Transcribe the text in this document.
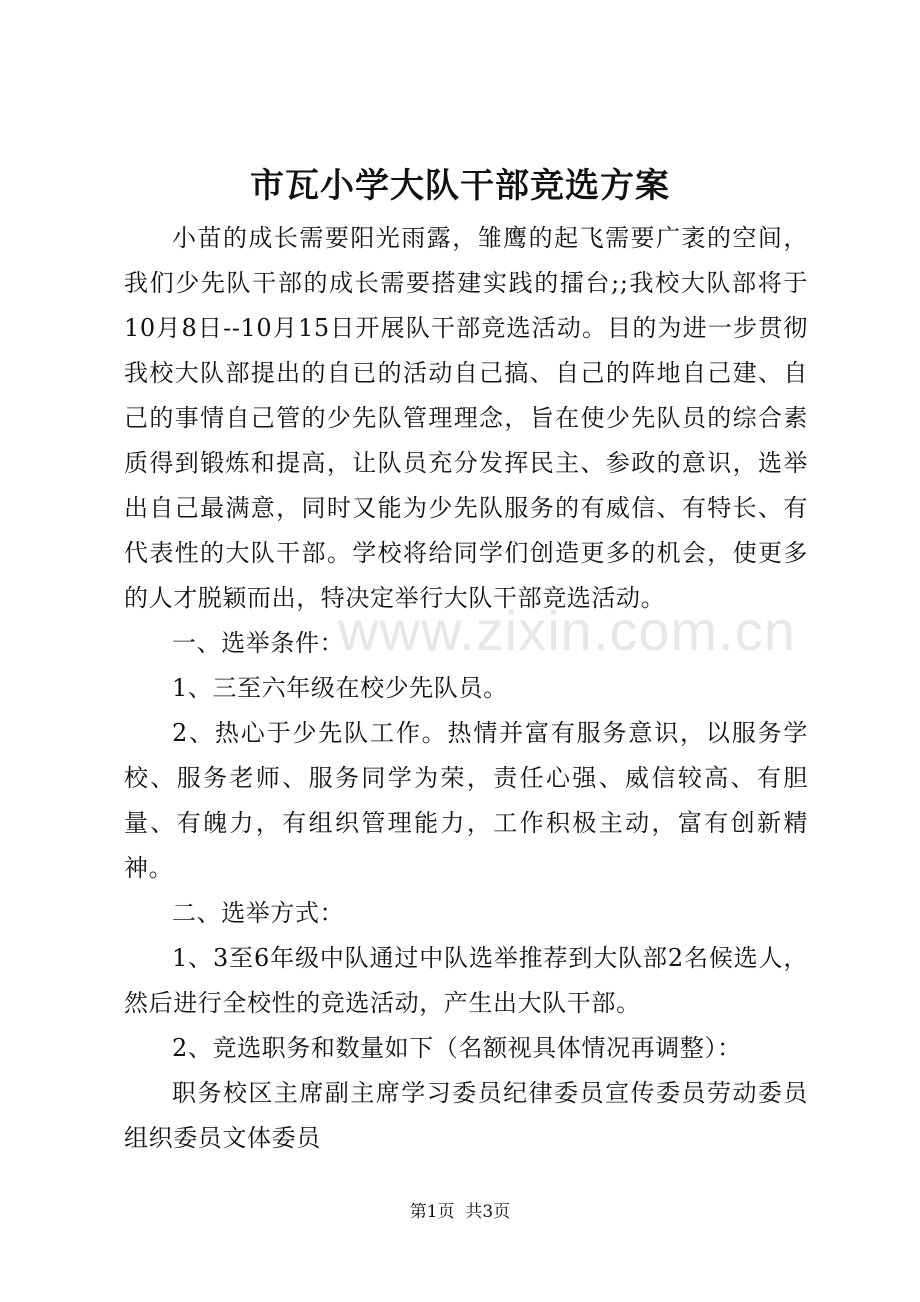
市瓦小学大队干部竞选方案

小苗的成长需要阳光雨露，雏鹰的起飞需要广袤的空间，我们少先队干部的成长需要搭建实践的擂台;;我校大队部将于10月8日--10月15日开展队干部竞选活动。目的为进一步贯彻我校大队部提出的自已的活动自己搞、自己的阵地自己建、自己的事情自己管的少先队管理理念，旨在使少先队员的综合素质得到锻炼和提高，让队员充分发挥民主、参政的意识，选举出自己最满意，同时又能为少先队服务的有威信、有特长、有代表性的大队干部。学校将给同学们创造更多的机会，使更多的人才脱颖而出，特决定举行大队干部竞选活动。

一、选举条件：

1、三至六年级在校少先队员。

2、热心于少先队工作。热情并富有服务意识，以服务学校、服务老师、服务同学为荣，责任心强、威信较高、有胆量、有魄力，有组织管理能力，工作积极主动，富有创新精神。

二、选举方式：

1、3至6年级中队通过中队选举推荐到大队部2名候选人，然后进行全校性的竞选活动，产生出大队干部。

2、竞选职务和数量如下（名额视具体情况再调整）：

职务校区主席副主席学习委员纪律委员宣传委员劳动委员组织委员文体委员

www.zixin.com.cn
第1页 共3页
